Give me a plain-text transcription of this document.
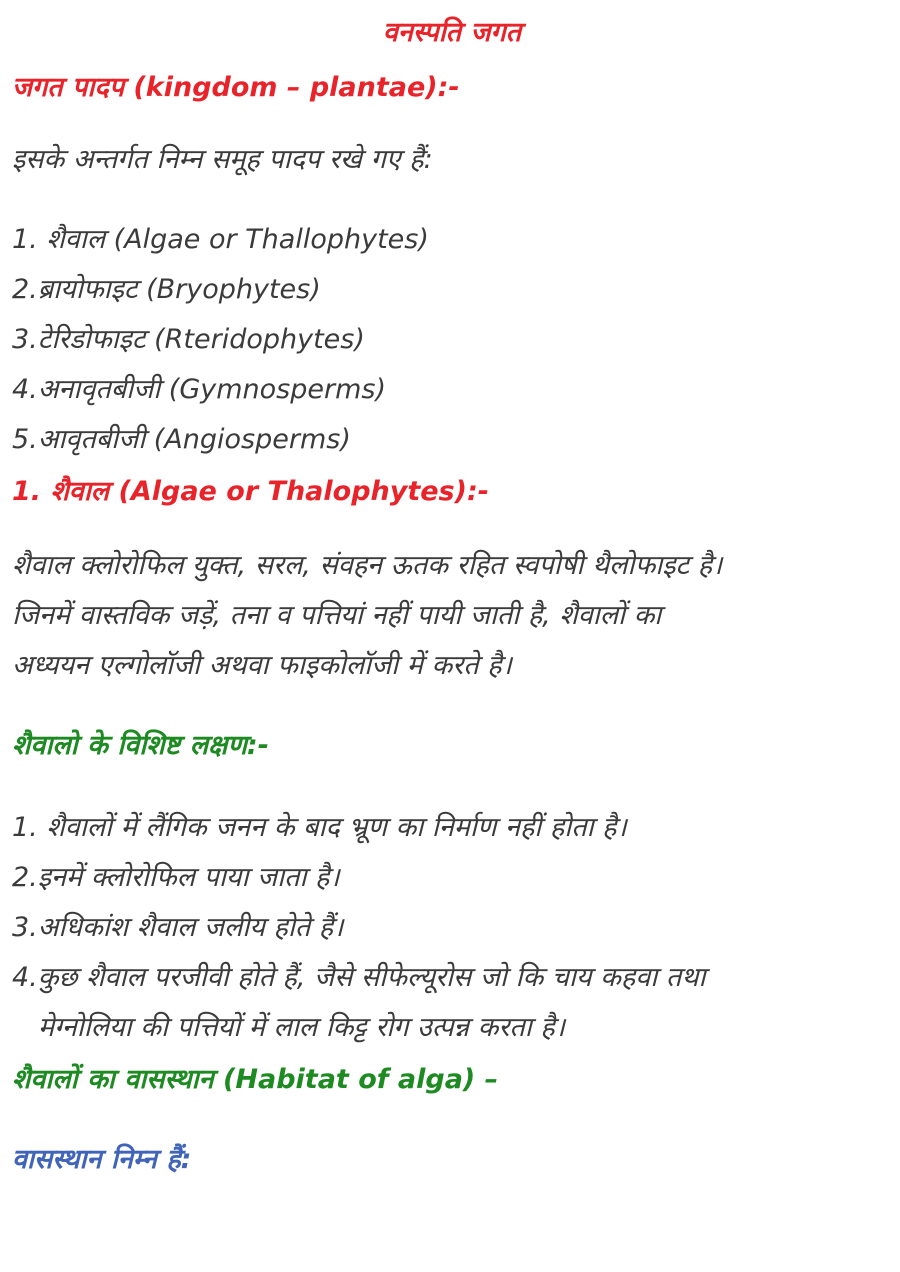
वनस्पति जगत
जगत पादप (kingdom – plantae):-
इसके अन्तर्गत निम्न समूह पादप रखे गए हैं:
1. शैवाल (Algae or Thallophytes)
2.ब्रायोफाइट (Bryophytes)
3.टेरिडोफाइट (Rteridophytes)
4.अनावृतबीजी (Gymnosperms)
5.आवृतबीजी (Angiosperms)
1. शैवाल (Algae or Thalophytes):-
शैवाल क्लोरोफिल युक्त, सरल, संवहन ऊतक रहित स्वपोषी थैलोफाइट है।
जिनमें वास्तविक जड़ें, तना व पत्तियां नहीं पायी जाती है, शैवालों का
अध्ययन एल्गोलॉजी अथवा फाइकोलॉजी में करते है।
शैवालो के विशिष्ट लक्षण:-
1. शैवालों में लैंगिक जनन के बाद भ्रूण का निर्माण नहीं होता है।
2.इनमें क्लोरोफिल पाया जाता है।
3.अधिकांश शैवाल जलीय होते हैं।
4.कुछ शैवाल परजीवी होते हैं, जैसे सीफेल्यूरोस जो कि चाय कहवा तथा
मेग्नोलिया की पत्तियों में लाल किट्ट रोग उत्पन्न करता है।
शैवालों का वासस्थान (Habitat of alga) –
वासस्थान निम्न हैं:
